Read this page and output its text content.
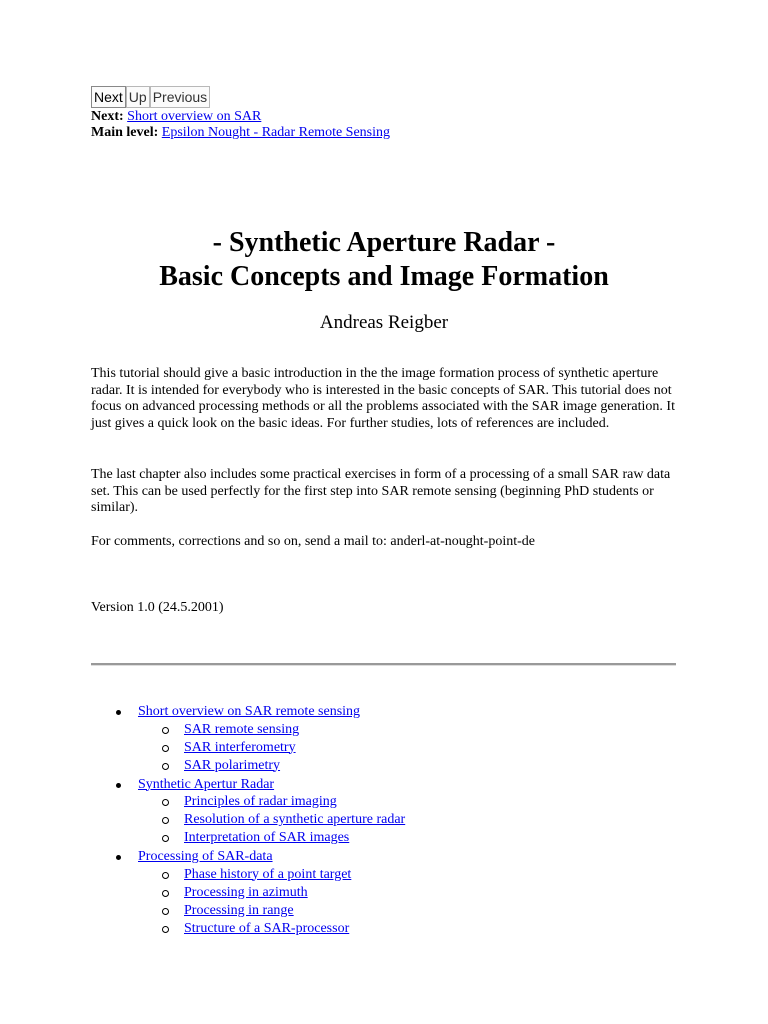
Next Up Previous
Next: Short overview on SAR
Main level: Epsilon Nought - Radar Remote Sensing
- Synthetic Aperture Radar -
Basic Concepts and Image Formation
Andreas Reigber

This tutorial should give a basic introduction in the the image formation process of synthetic aperture radar. It is intended for everybody who is interested in the basic concepts of SAR. This tutorial does not focus on advanced processing methods or all the problems associated with the SAR image generation. It just gives a quick look on the basic ideas. For further studies, lots of references are included.

The last chapter also includes some practical exercises in form of a processing of a small SAR raw data set. This can be used perfectly for the first step into SAR remote sensing (beginning PhD students or similar).

For comments, corrections and so on, send a mail to: anderl-at-nought-point-de

Version 1.0 (24.5.2001)

Short overview on SAR remote sensing
SAR remote sensing
SAR interferometry
SAR polarimetry
Synthetic Apertur Radar
Principles of radar imaging
Resolution of a synthetic aperture radar
Interpretation of SAR images
Processing of SAR-data
Phase history of a point target
Processing in azimuth
Processing in range
Structure of a SAR-processor
